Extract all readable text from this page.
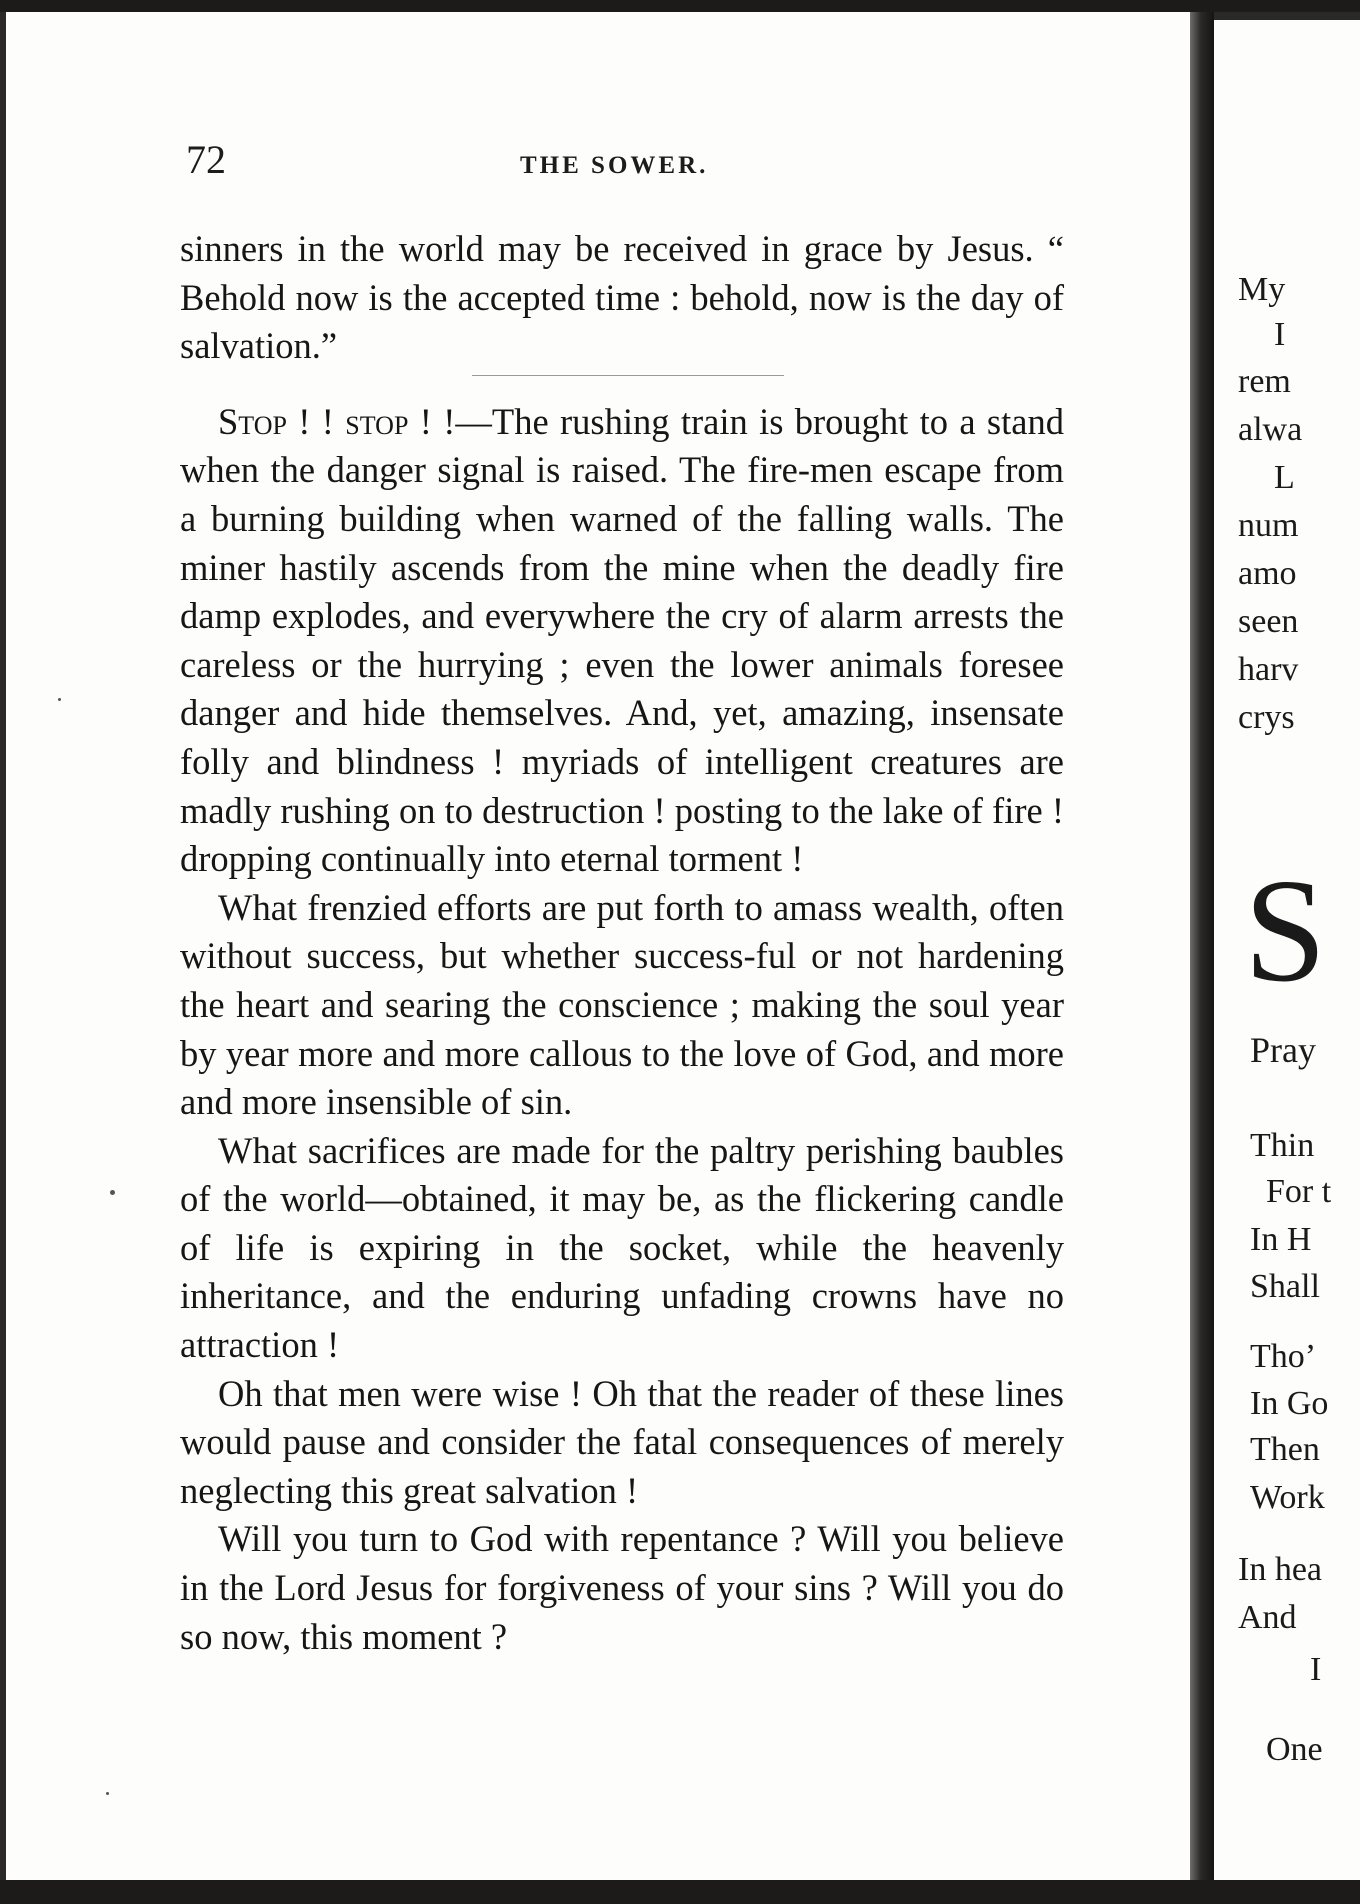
72	THE SOWER.

sinners in the world may be received in grace by Jesus. “ Behold now is the accepted time : behold, now is the day of salvation.”

Stop ! ! stop ! !—The rushing train is brought to a stand when the danger signal is raised. The fire-men escape from a burning building when warned of the falling walls. The miner hastily ascends from the mine when the deadly fire damp explodes, and everywhere the cry of alarm arrests the careless or the hurrying ; even the lower animals foresee danger and hide themselves. And, yet, amazing, insensate folly and blindness ! myriads of intelligent creatures are madly rushing on to destruction ! posting to the lake of fire ! dropping continually into eternal torment !

What frenzied efforts are put forth to amass wealth, often without success, but whether success-ful or not hardening the heart and searing the conscience ; making the soul year by year more and more callous to the love of God, and more and more insensible of sin.

What sacrifices are made for the paltry perishing baubles of the world—obtained, it may be, as the flickering candle of life is expiring in the socket, while the heavenly inheritance, and the enduring unfading crowns have no attraction !

Oh that men were wise ! Oh that the reader of these lines would pause and consider the fatal consequences of merely neglecting this great salvation !

Will you turn to God with repentance ? Will you believe in the Lord Jesus for forgiveness of your sins ? Will you do so now, this moment ?

My
I
rem
alwa
L
num
amo
seen
harv
crys
S
Pray
Thin
For t
In H
Shall
Tho’
In Go
Then
Work
In hea
And
I
One
